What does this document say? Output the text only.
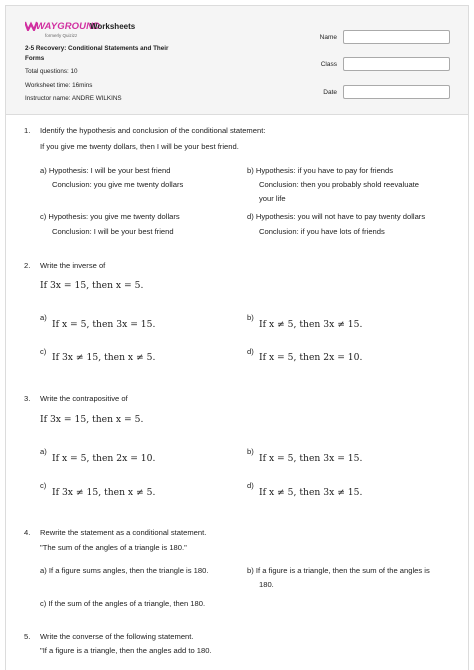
WAYGROUND
formerly Quizizz
Worksheets
2-5 Recovery: Conditional Statements and Their Forms
Total questions: 10
Worksheet time: 16mins
Instructor name: ANDRE WILKINS
Name
Class
Date
1. Identify the hypothesis and conclusion of the conditional statement:
If you give me twenty dollars, then I will be your best friend.
a) Hypothesis: I will be your best friend
Conclusion: you give me twenty dollars
b) Hypothesis: if you have to pay for friends
Conclusion: then you probably shold reevaluate
your life
c) Hypothesis: you give me twenty dollars
Conclusion: I will be your best friend
d) Hypothesis: you will not have to pay twenty dollars
Conclusion: if you have lots of friends
2. Write the inverse of
If 3x = 15, then x = 5.
a)
If x = 5, then 3x = 15.
b)
If x ≠ 5, then 3x ≠ 15.
c)
If 3x ≠ 15, then x ≠ 5.
d)
If x = 5, then 2x = 10.
3. Write the contrapositive of
If 3x = 15, then x = 5.
a)
If x = 5, then 2x = 10.
b)
If x = 5, then 3x = 15.
c)
If 3x ≠ 15, then x ≠ 5.
d)
If x ≠ 5, then 3x ≠ 15.
4. Rewrite the statement as a conditional statement.
"The sum of the angles of a triangle is 180."
a) If a figure sums angles, then the triangle is 180.	b) If a figure is a triangle, then the sum of the angles is
180.
c) If the sum of the angles of a triangle, then 180.
5. Write the converse of the following statement.
"If a figure is a triangle, then the angles add to 180.
